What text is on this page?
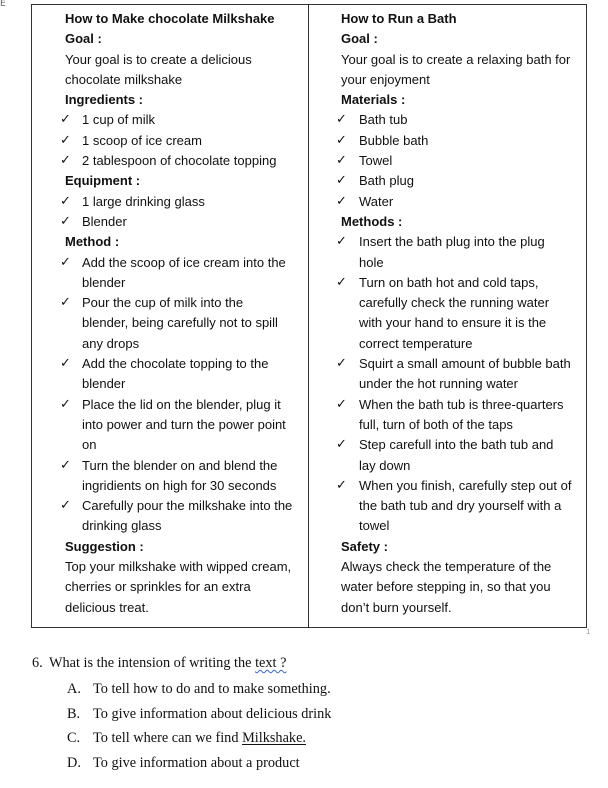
E
How to Make chocolate Milkshake
Goal :
Your goal is to create a delicious
chocolate milkshake
Ingredients :
✓ 1 cup of milk
✓ 1 scoop of ice cream
✓ 2 tablespoon of chocolate topping
Equipment :
✓ 1 large drinking glass
✓ Blender
Method :
✓ Add the scoop of ice cream into the
blender
✓ Pour the cup of milk into the
blender, being carefully not to spill
any drops
✓ Add the chocolate topping to the
blender
✓ Place the lid on the blender, plug it
into power and turn the power point
on
✓ Turn the blender on and blend the
ingridients on high for 30 seconds
✓ Carefully pour the milkshake into the
drinking glass
Suggestion :
Top your milkshake with wipped cream,
cherries or sprinkles for an extra
delicious treat.

How to Run a Bath
Goal :
Your goal is to create a relaxing bath for
your enjoyment
Materials :
✓ Bath tub
✓ Bubble bath
✓ Towel
✓ Bath plug
✓ Water
Methods :
✓ Insert the bath plug into the plug
hole
✓ Turn on bath hot and cold taps,
carefully check the running water
with your hand to ensure it is the
correct temperature
✓ Squirt a small amount of bubble bath
under the hot running water
✓ When the bath tub is three-quarters
full, turn of both of the taps
✓ Step carefull into the bath tub and
lay down
✓ When you finish, carefully step out of
the bath tub and dry yourself with a
towel
Safety :
Always check the temperature of the
water before stepping in, so that you
don’t burn yourself.
1
6. What is the intension of writing the text ?
A. To tell how to do and to make something.
B. To give information about delicious drink
C. To tell where can we find Milkshake.
D. To give information about a product
